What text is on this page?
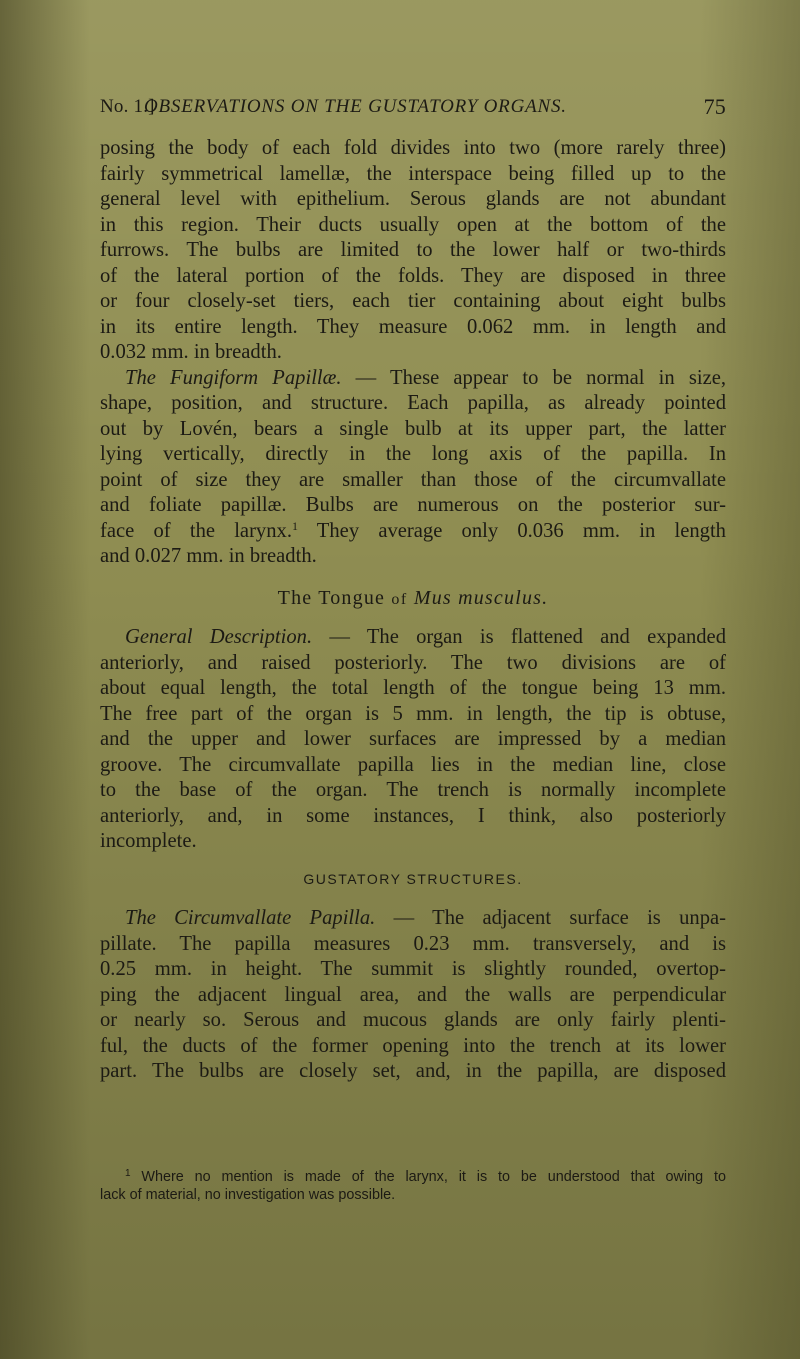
No. 1.]
OBSERVATIONS ON THE GUSTATORY ORGANS.	75
posing the body of each fold divides into two (more rarely three)
fairly symmetrical lamellæ, the interspace being filled up to the
general level with epithelium. Serous glands are not abundant
in this region. Their ducts usually open at the bottom of the
furrows. The bulbs are limited to the lower half or two-thirds
of the lateral portion of the folds. They are disposed in three
or four closely-set tiers, each tier containing about eight bulbs
in its entire length. They measure 0.062 mm. in length and
0.032 mm. in breadth.
The Fungiform Papillæ. — These appear to be normal in size,
shape, position, and structure. Each papilla, as already pointed
out by Lovén, bears a single bulb at its upper part, the latter
lying vertically, directly in the long axis of the papilla. In
point of size they are smaller than those of the circumvallate
and foliate papillæ. Bulbs are numerous on the posterior sur-
face of the larynx.$^1$ They average only 0.036 mm. in length
and 0.027 mm. in breadth.
The Tongue of Mus musculus.
General Description. — The organ is flattened and expanded
anteriorly, and raised posteriorly. The two divisions are of
about equal length, the total length of the tongue being 13 mm.
The free part of the organ is 5 mm. in length, the tip is obtuse,
and the upper and lower surfaces are impressed by a median
groove. The circumvallate papilla lies in the median line, close
to the base of the organ. The trench is normally incomplete
anteriorly, and, in some instances, I think, also posteriorly
incomplete.
GUSTATORY STRUCTURES.
The Circumvallate Papilla. — The adjacent surface is unpa-
pillate. The papilla measures 0.23 mm. transversely, and is
0.25 mm. in height. The summit is slightly rounded, overtop-
ping the adjacent lingual area, and the walls are perpendicular
or nearly so. Serous and mucous glands are only fairly plenti-
ful, the ducts of the former opening into the trench at its lower
part. The bulbs are closely set, and, in the papilla, are disposed
$^1$ Where no mention is made of the larynx, it is to be understood that owing to
lack of material, no investigation was possible.
